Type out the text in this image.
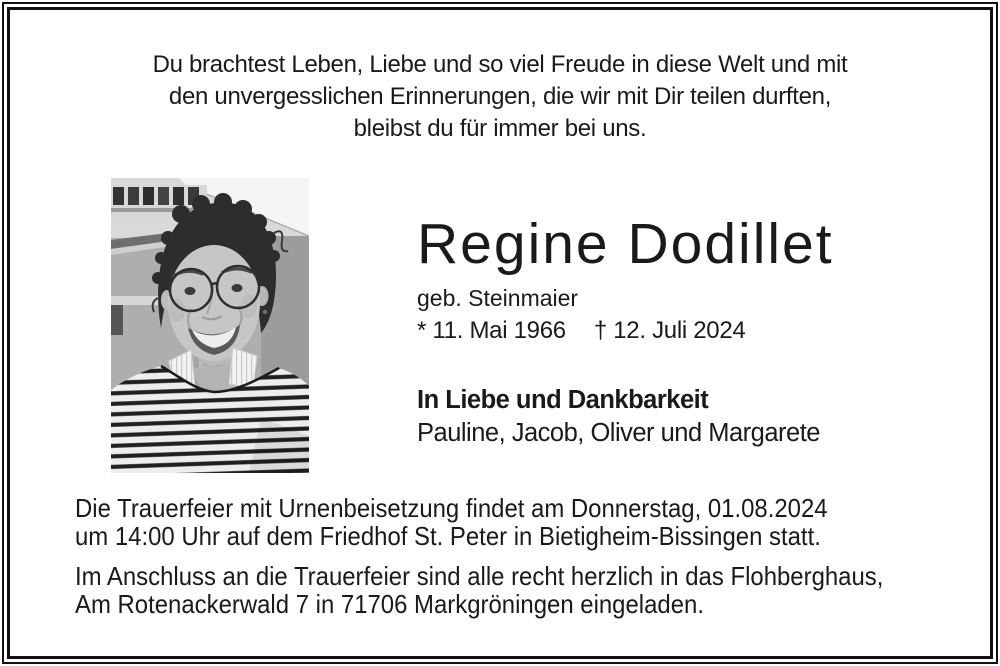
Du brachtest Leben, Liebe und so viel Freude in diese Welt und mit
den unvergesslichen Erinnerungen, die wir mit Dir teilen durften,
bleibst du für immer bei uns.
Regine Dodillet
geb. Steinmaier
* 11. Mai 1966 † 12. Juli 2024
In Liebe und Dankbarkeit
Pauline, Jacob, Oliver und Margarete
Die Trauerfeier mit Urnenbeisetzung findet am Donnerstag, 01.08.2024
um 14:00 Uhr auf dem Friedhof St. Peter in Bietigheim-Bissingen statt.
Im Anschluss an die Trauerfeier sind alle recht herzlich in das Flohberghaus,
Am Rotenackerwald 7 in 71706 Markgröningen eingeladen.
